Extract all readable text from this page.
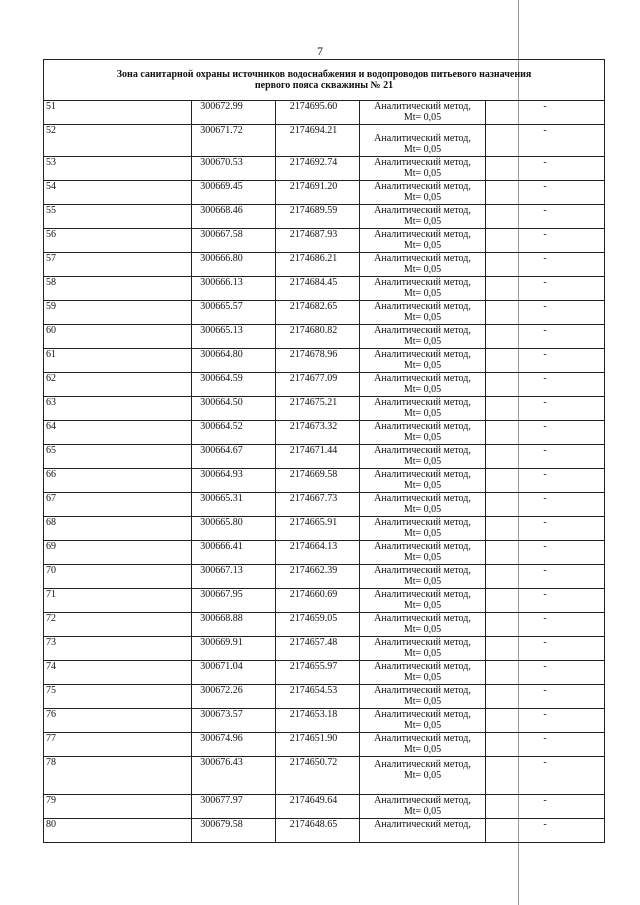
7
Зона санитарной охраны источников водоснабжения и водопроводов питьевого назначения
первого пояса скважины № 21				

51	300672.99	2174695.60	Аналитический метод,
Mt= 0,05	-
52	300671.72	2174694.21	Аналитический метод,
Mt= 0,05	-
53	300670.53	2174692.74	Аналитический метод,
Mt= 0,05	-
54	300669.45	2174691.20	Аналитический метод,
Mt= 0,05	-
55	300668.46	2174689.59	Аналитический метод,
Mt= 0,05	-
56	300667.58	2174687.93	Аналитический метод,
Mt= 0,05	-
57	300666.80	2174686.21	Аналитический метод,
Mt= 0,05	-
58	300666.13	2174684.45	Аналитический метод,
Mt= 0,05	-
59	300665.57	2174682.65	Аналитический метод,
Mt= 0,05	-
60	300665.13	2174680.82	Аналитический метод,
Mt= 0,05	-
61	300664.80	2174678.96	Аналитический метод,
Mt= 0,05	-
62	300664.59	2174677.09	Аналитический метод,
Mt= 0,05	-
63	300664.50	2174675.21	Аналитический метод,
Mt= 0,05	-
64	300664.52	2174673.32	Аналитический метод,
Mt= 0,05	-
65	300664.67	2174671.44	Аналитический метод,
Mt= 0,05	-
66	300664.93	2174669.58	Аналитический метод,
Mt= 0,05	-
67	300665.31	2174667.73	Аналитический метод,
Mt= 0,05	-
68	300665.80	2174665.91	Аналитический метод,
Mt= 0,05	-
69	300666.41	2174664.13	Аналитический метод,
Mt= 0,05	-
70	300667.13	2174662.39	Аналитический метод,
Mt= 0,05	-
71	300667.95	2174660.69	Аналитический метод,
Mt= 0,05	-
72	300668.88	2174659.05	Аналитический метод,
Mt= 0,05	-
73	300669.91	2174657.48	Аналитический метод,
Mt= 0,05	-
74	300671.04	2174655.97	Аналитический метод,
Mt= 0,05	-
75	300672.26	2174654.53	Аналитический метод,
Mt= 0,05	-
76	300673.57	2174653.18	Аналитический метод,
Mt= 0,05	-
77	300674.96	2174651.90	Аналитический метод,
Mt= 0,05	-
78	300676.43	2174650.72	Аналитический метод,
Mt= 0,05	-
79	300677.97	2174649.64	Аналитический метод,
Mt= 0,05	-
80	300679.58	2174648.65	Аналитический метод,	-
